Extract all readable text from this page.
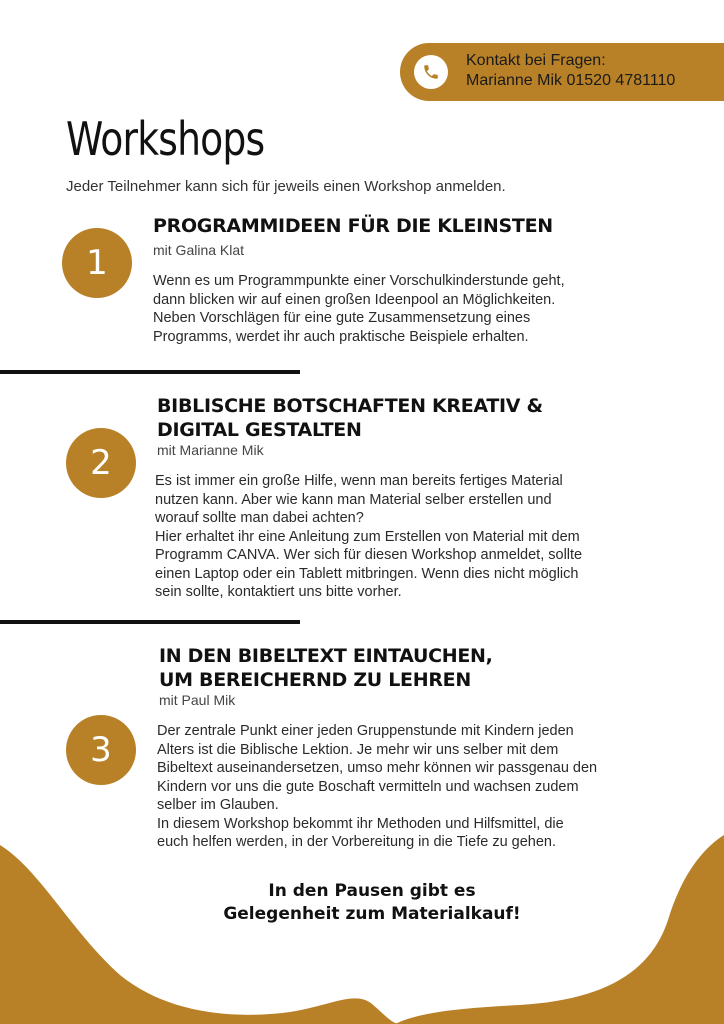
Kontakt bei Fragen:
Marianne Mik 01520 4781110
Workshops

Jeder Teilnehmer kann sich für jeweils einen Workshop anmelden.

1
PROGRAMMIDEEN FÜR DIE KLEINSTEN

mit Galina Klat

Wenn es um Programmpunkte einer Vorschulkinderstunde geht,
dann blicken wir auf einen großen Ideenpool an Möglichkeiten.
Neben Vorschlägen für eine gute Zusammensetzung eines
Programms, werdet ihr auch praktische Beispiele erhalten.

2
BIBLISCHE BOTSCHAFTEN KREATIV &
DIGITAL GESTALTEN

mit Marianne Mik

Es ist immer ein große Hilfe, wenn man bereits fertiges Material
nutzen kann. Aber wie kann man Material selber erstellen und
worauf sollte man dabei achten?
Hier erhaltet ihr eine Anleitung zum Erstellen von Material mit dem
Programm CANVA. Wer sich für diesen Workshop anmeldet, sollte
einen Laptop oder ein Tablett mitbringen. Wenn dies nicht möglich
sein sollte, kontaktiert uns bitte vorher.

3
IN DEN BIBELTEXT EINTAUCHEN,
UM BEREICHERND ZU LEHREN

mit Paul Mik

Der zentrale Punkt einer jeden Gruppenstunde mit Kindern jeden
Alters ist die Biblische Lektion. Je mehr wir uns selber mit dem
Bibeltext auseinandersetzen, umso mehr können wir passgenau den
Kindern vor uns die gute Boschaft vermitteln und wachsen zudem
selber im Glauben.
In diesem Workshop bekommt ihr Methoden und Hilfsmittel, die
euch helfen werden, in der Vorbereitung in die Tiefe zu gehen.

In den Pausen gibt es
Gelegenheit zum Materialkauf!
